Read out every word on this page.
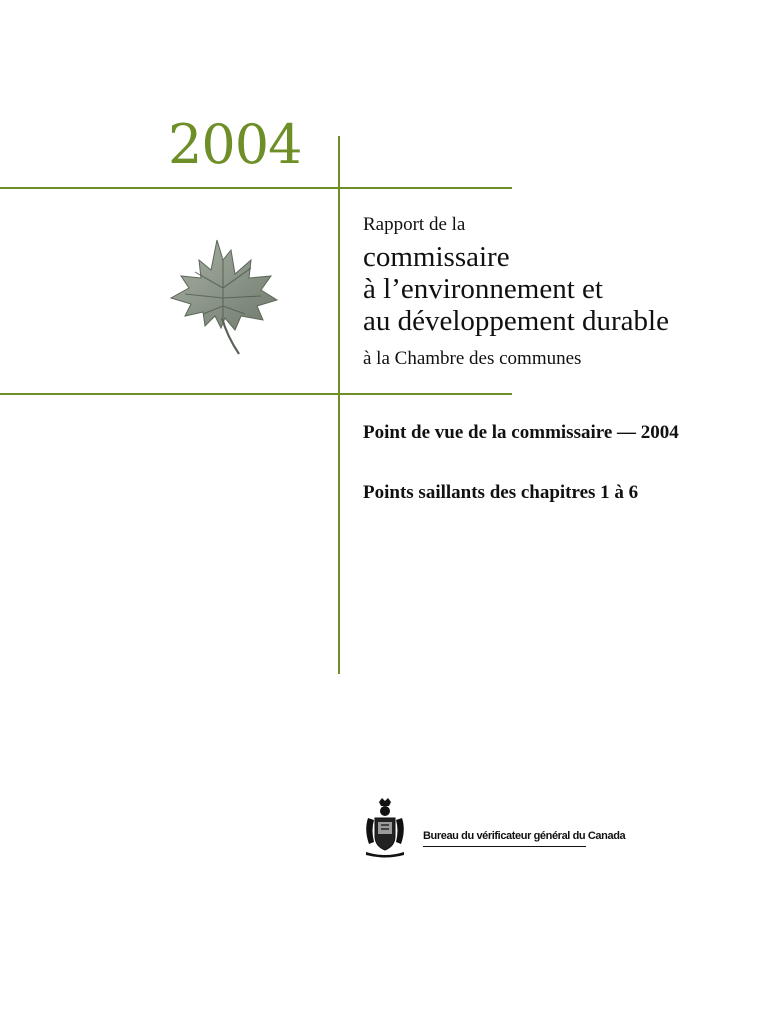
2004
Rapport de la
commissaire
à l’environnement et
au développement durable
à la Chambre des communes
Point de vue de la commissaire — 2004
Points saillants des chapitres 1 à 6
Bureau du vérificateur général du Canada
